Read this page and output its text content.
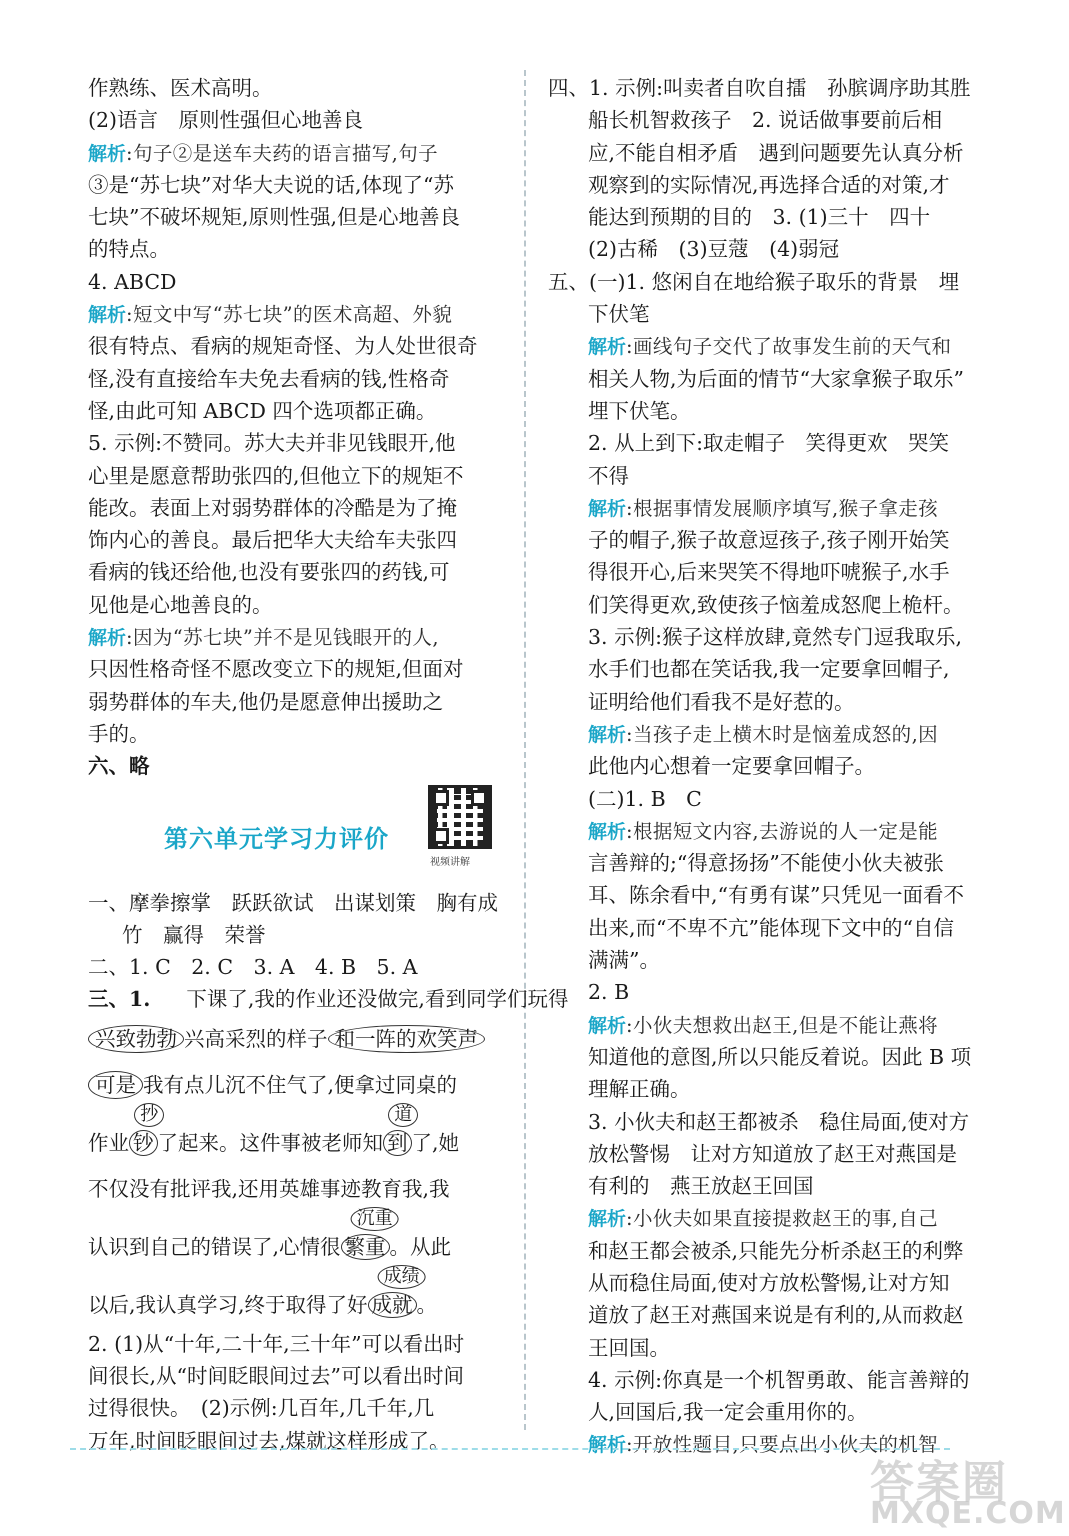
作熟练、医术高明。
(2)语言　原则性强但心地善良
解析:句子②是送车夫药的语言描写,句子
③是“苏七块”对华大夫说的话,体现了“苏
七块”不破坏规矩,原则性强,但是心地善良
的特点。
4. ABCD
解析:短文中写“苏七块”的医术高超、外貌
很有特点、看病的规矩奇怪、为人处世很奇
怪,没有直接给车夫免去看病的钱,性格奇
怪,由此可知 ABCD 四个选项都正确。
5. 示例:不赞同。苏大夫并非见钱眼开,他
心里是愿意帮助张四的,但他立下的规矩不
能改。表面上对弱势群体的冷酷是为了掩
饰内心的善良。最后把华大夫给车夫张四
看病的钱还给他,也没有要张四的药钱,可
见他是心地善良的。
解析:因为“苏七块”并不是见钱眼开的人,
只因性格奇怪不愿改变立下的规矩,但面对
弱势群体的车夫,他仍是愿意伸出援助之
手的。
六、略
第六单元学习力评价
视频讲解
一、摩拳擦掌　跃跃欲试　出谋划策　胸有成
竹　赢得　荣誉
二、1. C　2. C　3. A　4. B　5. A
三、1. 下课了,我的作业还没做完,看到同学们玩得
兴致勃勃 兴高采烈的样子 和一阵的欢笑声
可是 我有点儿沉不住气了,便拿过同桌的
作业 钞
抄
了起来。这件事被老师知 到
道
了,她
不仅没有批评我,还用英雄事迹教育我,我
认识到自己的错误了,心情很 繁重
沉重
。从此
以后,我认真学习,终于取得了好 成就
成绩
。
2. (1)从“十年,二十年,三十年”可以看出时
间很长,从“时间眨眼间过去”可以看出时间
过得很快。　(2)示例:几百年,几千年,几
万年,时间眨眼间过去,煤就这样形成了。
四、1. 示例:叫卖者自吹自擂　孙膑调序助其胜
船长机智救孩子　2. 说话做事要前后相
应,不能自相矛盾　遇到问题要先认真分析
观察到的实际情况,再选择合适的对策,才
能达到预期的目的　3. (1)三十　四十
(2)古稀　(3)豆蔻　(4)弱冠
五、(一)1. 悠闲自在地给猴子取乐的背景　埋
下伏笔
解析:画线句子交代了故事发生前的天气和
相关人物,为后面的情节“大家拿猴子取乐”
埋下伏笔。
2. 从上到下:取走帽子　笑得更欢　哭笑
不得
解析:根据事情发展顺序填写,猴子拿走孩
子的帽子,猴子故意逗孩子,孩子刚开始笑
得很开心,后来哭笑不得地吓唬猴子,水手
们笑得更欢,致使孩子恼羞成怒爬上桅杆。
3. 示例:猴子这样放肆,竟然专门逗我取乐,
水手们也都在笑话我,我一定要拿回帽子,
证明给他们看我不是好惹的。
解析:当孩子走上横木时是恼羞成怒的,因
此他内心想着一定要拿回帽子。
(二)1. B　C
解析:根据短文内容,去游说的人一定是能
言善辩的;“得意扬扬”不能使小伙夫被张
耳、陈余看中,“有勇有谋”只凭见一面看不
出来,而“不卑不亢”能体现下文中的“自信
满满”。
2. B
解析:小伙夫想救出赵王,但是不能让燕将
知道他的意图,所以只能反着说。因此 B 项
理解正确。
3. 小伙夫和赵王都被杀　稳住局面,使对方
放松警惕　让对方知道放了赵王对燕国是
有利的　燕王放赵王回国
解析:小伙夫如果直接提救赵王的事,自己
和赵王都会被杀,只能先分析杀赵王的利弊
从而稳住局面,使对方放松警惕,让对方知
道放了赵王对燕国来说是有利的,从而救赵
王回国。
4. 示例:你真是一个机智勇敢、能言善辩的
人,回国后,我一定会重用你的。
解析:开放性题目,只要点出小伙夫的机智
答案圈
MXQE.COM
